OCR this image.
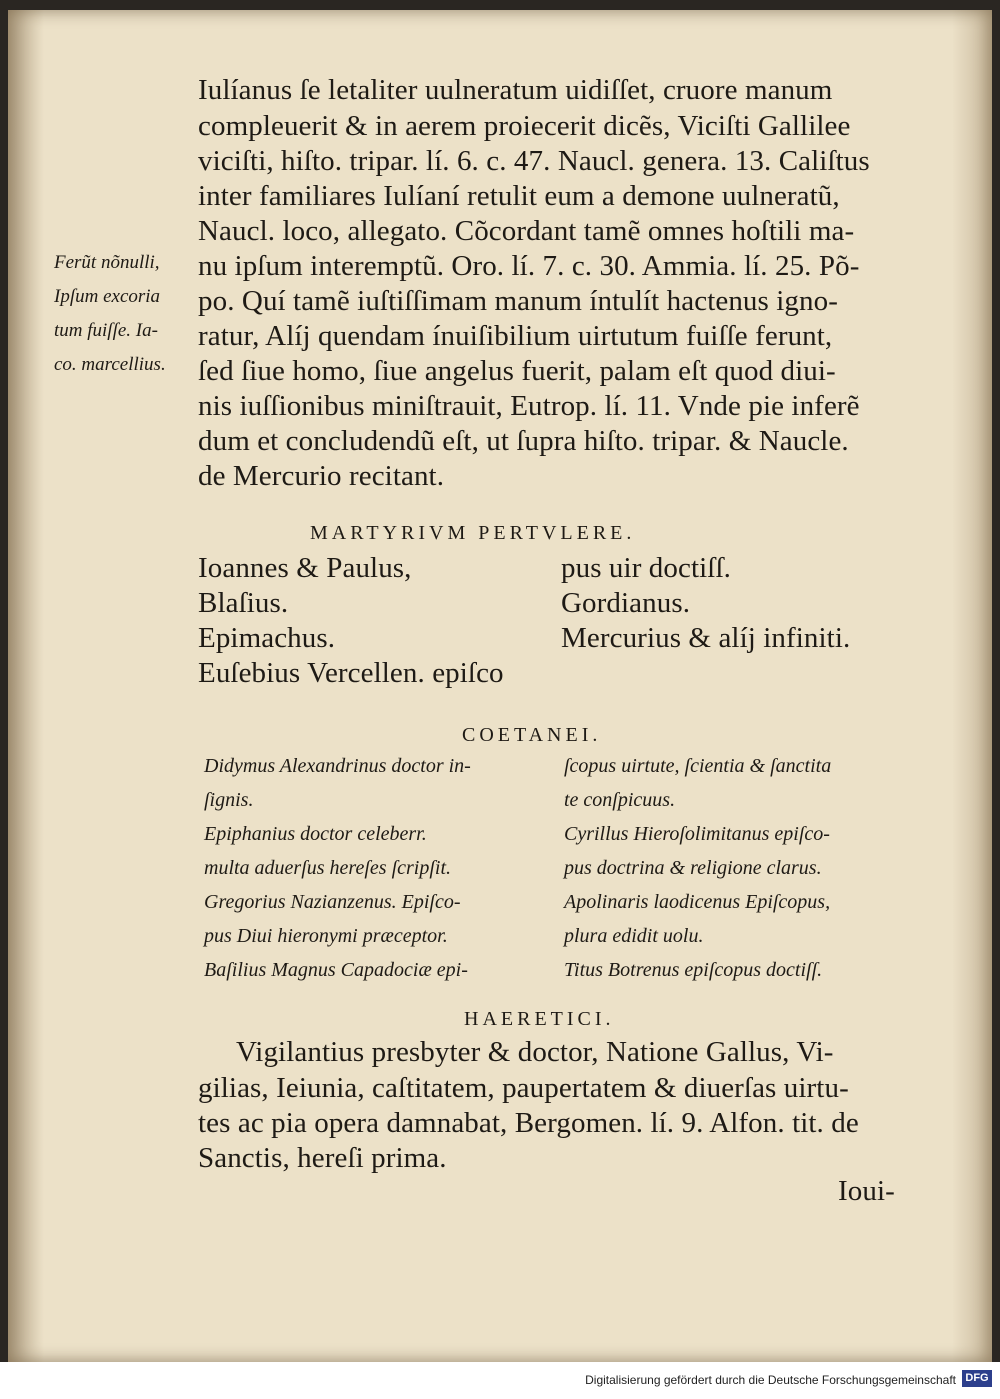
Iulíanus ſe letaliter uulneratum uidiſſet, cruore manum
compleuerit & in aerem proiecerit dicẽs, Viciſti Gallilee
viciſti, hiſto. tripar. lí. 6. c. 47. Naucl. genera. 13. Caliſtus
inter familiares Iulíaní retulit eum a demone uulneratũ,
Naucl. loco, allegato. Cõcordant tamẽ omnes hoſtili ma‑
nu ipſum interemptũ. Oro. lí. 7. c. 30. Ammia. lí. 25. Põ‑
po. Quí tamẽ iuſtiſſimam manum íntulít hactenus igno‑
ratur, Alíj quendam ínuiſibilium uirtutum fuiſſe ferunt,
ſed ſiue homo, ſiue angelus fuerit, palam eſt quod diui‑
nis iuſſionibus miniſtrauit, Eutrop. lí. 11. Vnde pie inferẽ
dum et concludendũ eſt, ut ſupra hiſto. tripar. & Naucle.
de Mercurio recitant.
Ferũt nõnulli,
Ipſum excoria
tum fuiſſe. Ia‑
co. marcellius.
MARTYRIVM PERTVLERE.
Ioannes & Paulus,
Blaſius.
Epimachus.
Euſebius Vercellen. epiſco
pus uir doctiſſ.
Gordianus.
Mercurius & alíj infiniti.
COETANEI.
Didymus Alexandrinus doctor in‑
ſignis.
Epiphanius doctor celeberr.
multa aduerſus hereſes ſcripſit.
Gregorius Nazianzenus. Epiſco‑
pus Diui hieronymi præceptor.
Baſilius Magnus Capadociæ epi‑
ſcopus uirtute, ſcientia & ſanctita
te conſpicuus.
Cyrillus Hieroſolimitanus epiſco‑
pus doctrina & religione clarus.
Apolinaris laodicenus Epiſcopus,
plura edidit uolu.
Titus Botrenus epiſcopus doctiſſ.
HAERETICI.
Vigilantius presbyter & doctor, Natione Gallus, Vi‑
gilias, Ieiunia, caſtitatem, paupertatem & diuerſas uirtu‑
tes ac pia opera damnabat, Bergomen. lí. 9. Alfon. tit. de
Sanctis, hereſi prima.
Ioui‑
Digitalisierung gefördert durch die Deutsche Forschungsgemeinschaft DFG
